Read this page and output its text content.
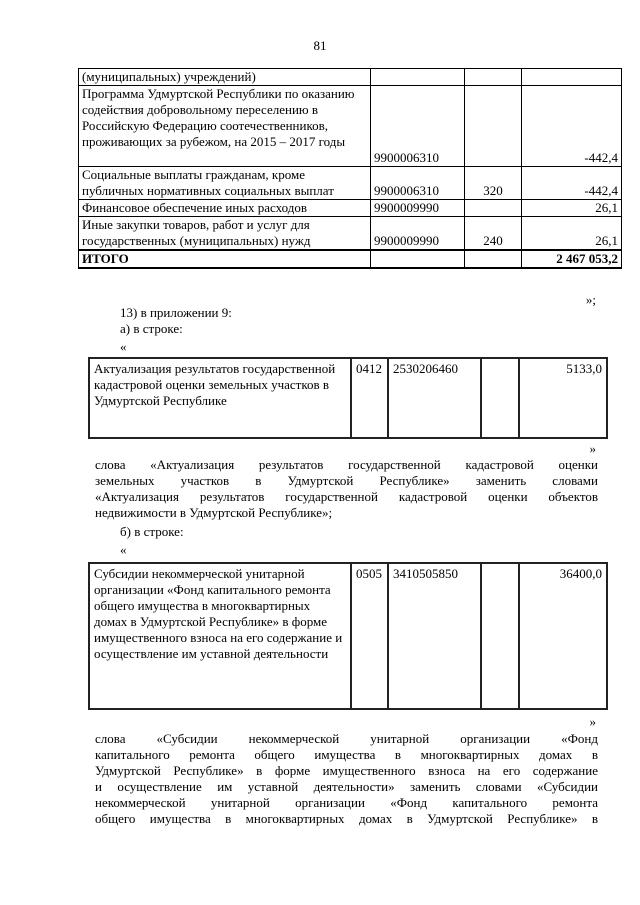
81
(муниципальных) учреждений)			
Программа Удмуртской Республики по оказанию содействия добровольному переселению в Российскую Федерацию соотечественников, проживающих за рубежом, на 2015 – 2017 годы	9900006310		-442,4
Социальные выплаты гражданам, кроме публичных нормативных социальных выплат	9900006310	320	-442,4
Финансовое обеспечение иных расходов	9900009990		26,1
Иные закупки товаров, работ и услуг для государственных (муниципальных) нужд	9900009990	240	26,1
ИТОГО			2 467 053,2
»;
13) в приложении 9:
а) в строке:
«
Актуализация результатов государственной кадастровой оценки земельных участков в Удмуртской Республике	0412	2530206460		5133,0
»
слова «Актуализация результатов государственной кадастровой оценки
земельных участков в Удмуртской Республике» заменить словами
«Актуализация результатов государственной кадастровой оценки объектов
недвижимости в Удмуртской Республике»;
б) в строке:
«
Субсидии некоммерческой унитарной организации «Фонд капитального ремонта общего имущества в многоквартирных домах в Удмуртской Республике» в форме имущественного взноса на его содержание и осуществление им уставной деятельности	0505	3410505850		36400,0
»
слова «Субсидии некоммерческой унитарной организации «Фонд
капитального ремонта общего имущества в многоквартирных домах в
Удмуртской Республике» в форме имущественного взноса на его содержание
и осуществление им уставной деятельности» заменить словами «Субсидии
некоммерческой унитарной организации «Фонд капитального ремонта
общего имущества в многоквартирных домах в Удмуртской Республике» в
